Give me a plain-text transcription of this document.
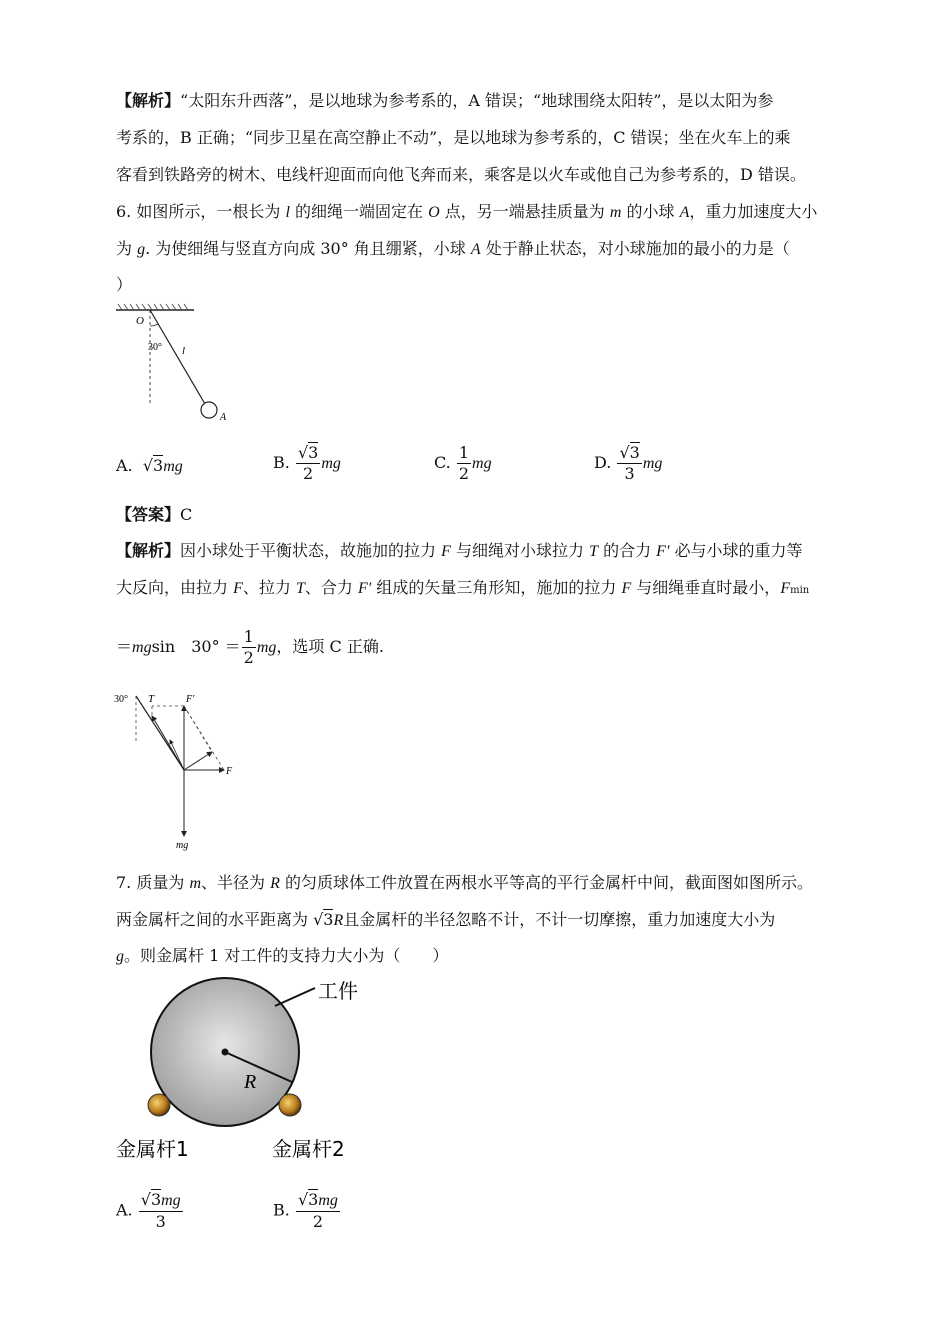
【解析】“太阳东升西落”，是以地球为参考系的，A 错误；“地球围绕太阳转”，是以太阳为参
考系的，B 正确；“同步卫星在高空静止不动”，是以地球为参考系的，C 错误；坐在火车上的乘
客看到铁路旁的树木、电线杆迎面而向他飞奔而来，乘客是以火车或他自己为参考系的，D 错误。
6. 如图所示，一根长为 l 的细绳一端固定在 O 点，另一端悬挂质量为 m 的小球 A，重力加速度大小
为 g. 为使细绳与竖直方向成 30° 角且绷紧，小球 A 处于静止状态，对小球施加的最小的力是（
）
O
30° l
A
A.  √3mg	B. $\frac{√3}{2}$ mg	C. $\frac{1}{2}$ mg	D. $\frac{√3}{3}$ mg
【答案】C
【解析】因小球处于平衡状态，故施加的拉力 F 与细绳对小球拉力 T 的合力 F′ 必与小球的重力等
大反向，由拉力 F、拉力 T、合力 F′ 组成的矢量三角形知，施加的拉力 F 与细绳垂直时最小，Fmin
＝mgsin　$30^\circ = \frac{1}{2}$ mg，选项 C 正确.
30° T	F′
F
mg
7. 质量为 m、半径为 R 的匀质球体工件放置在两根水平等高的平行金属杆中间，截面图如图所示。
两金属杆之间的水平距离为 √3R且金属杆的半径忽略不计，不计一切摩擦，重力加速度大小为
g。则金属杆 1 对工件的支持力大小为（　　）
工件
R
金属杆1	金属杆2
A. $\frac{√3mg}{3}$	B. $\frac{√3mg}{2}$
